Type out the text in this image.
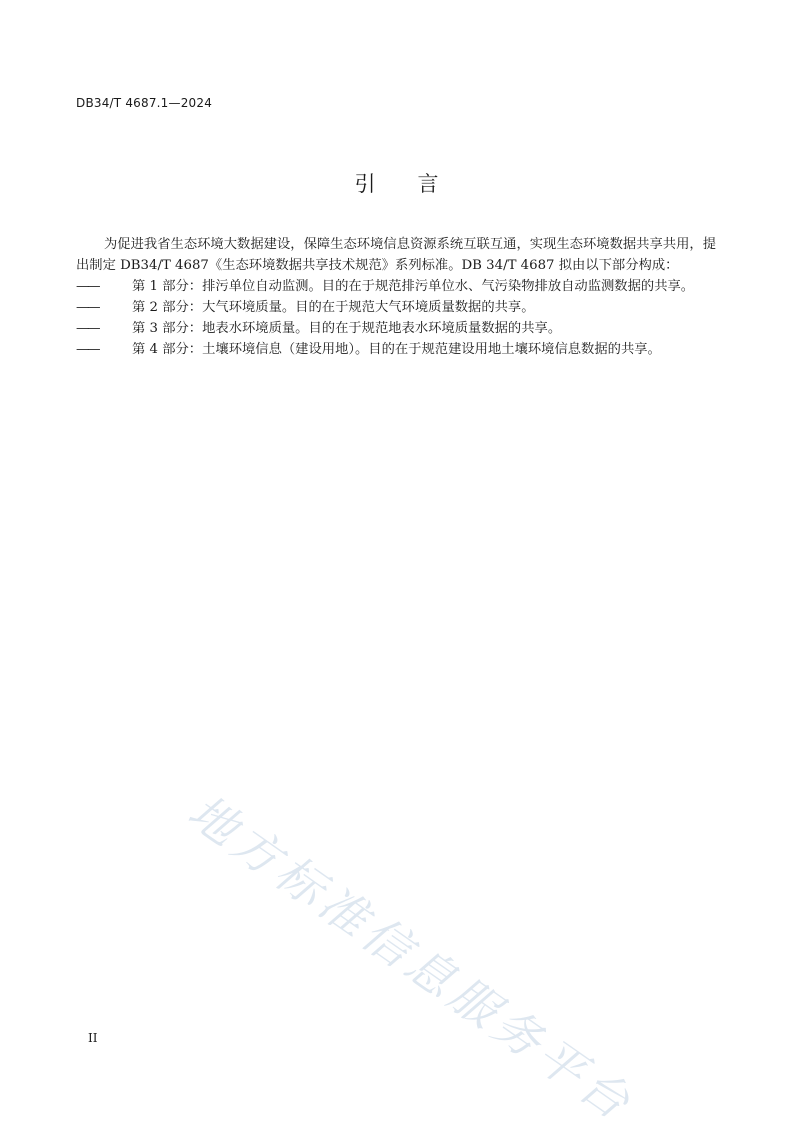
DB34/T 4687.1—2024
引 言

为促进我省生态环境大数据建设，保障生态环境信息资源系统互联互通，实现生态环境数据共享共用，提出制定 DB34/T 4687《生态环境数据共享技术规范》系列标准。DB 34/T 4687 拟由以下部分构成：

——	第 1 部分：排污单位自动监测。目的在于规范排污单位水、气污染物排放自动监测数据的共享。

——	第 2 部分：大气环境质量。目的在于规范大气环境质量数据的共享。

——	第 3 部分：地表水环境质量。目的在于规范地表水环境质量数据的共享。

——	第 4 部分：土壤环境信息（建设用地）。目的在于规范建设用地土壤环境信息数据的共享。

地方标准信息服务平台
II
